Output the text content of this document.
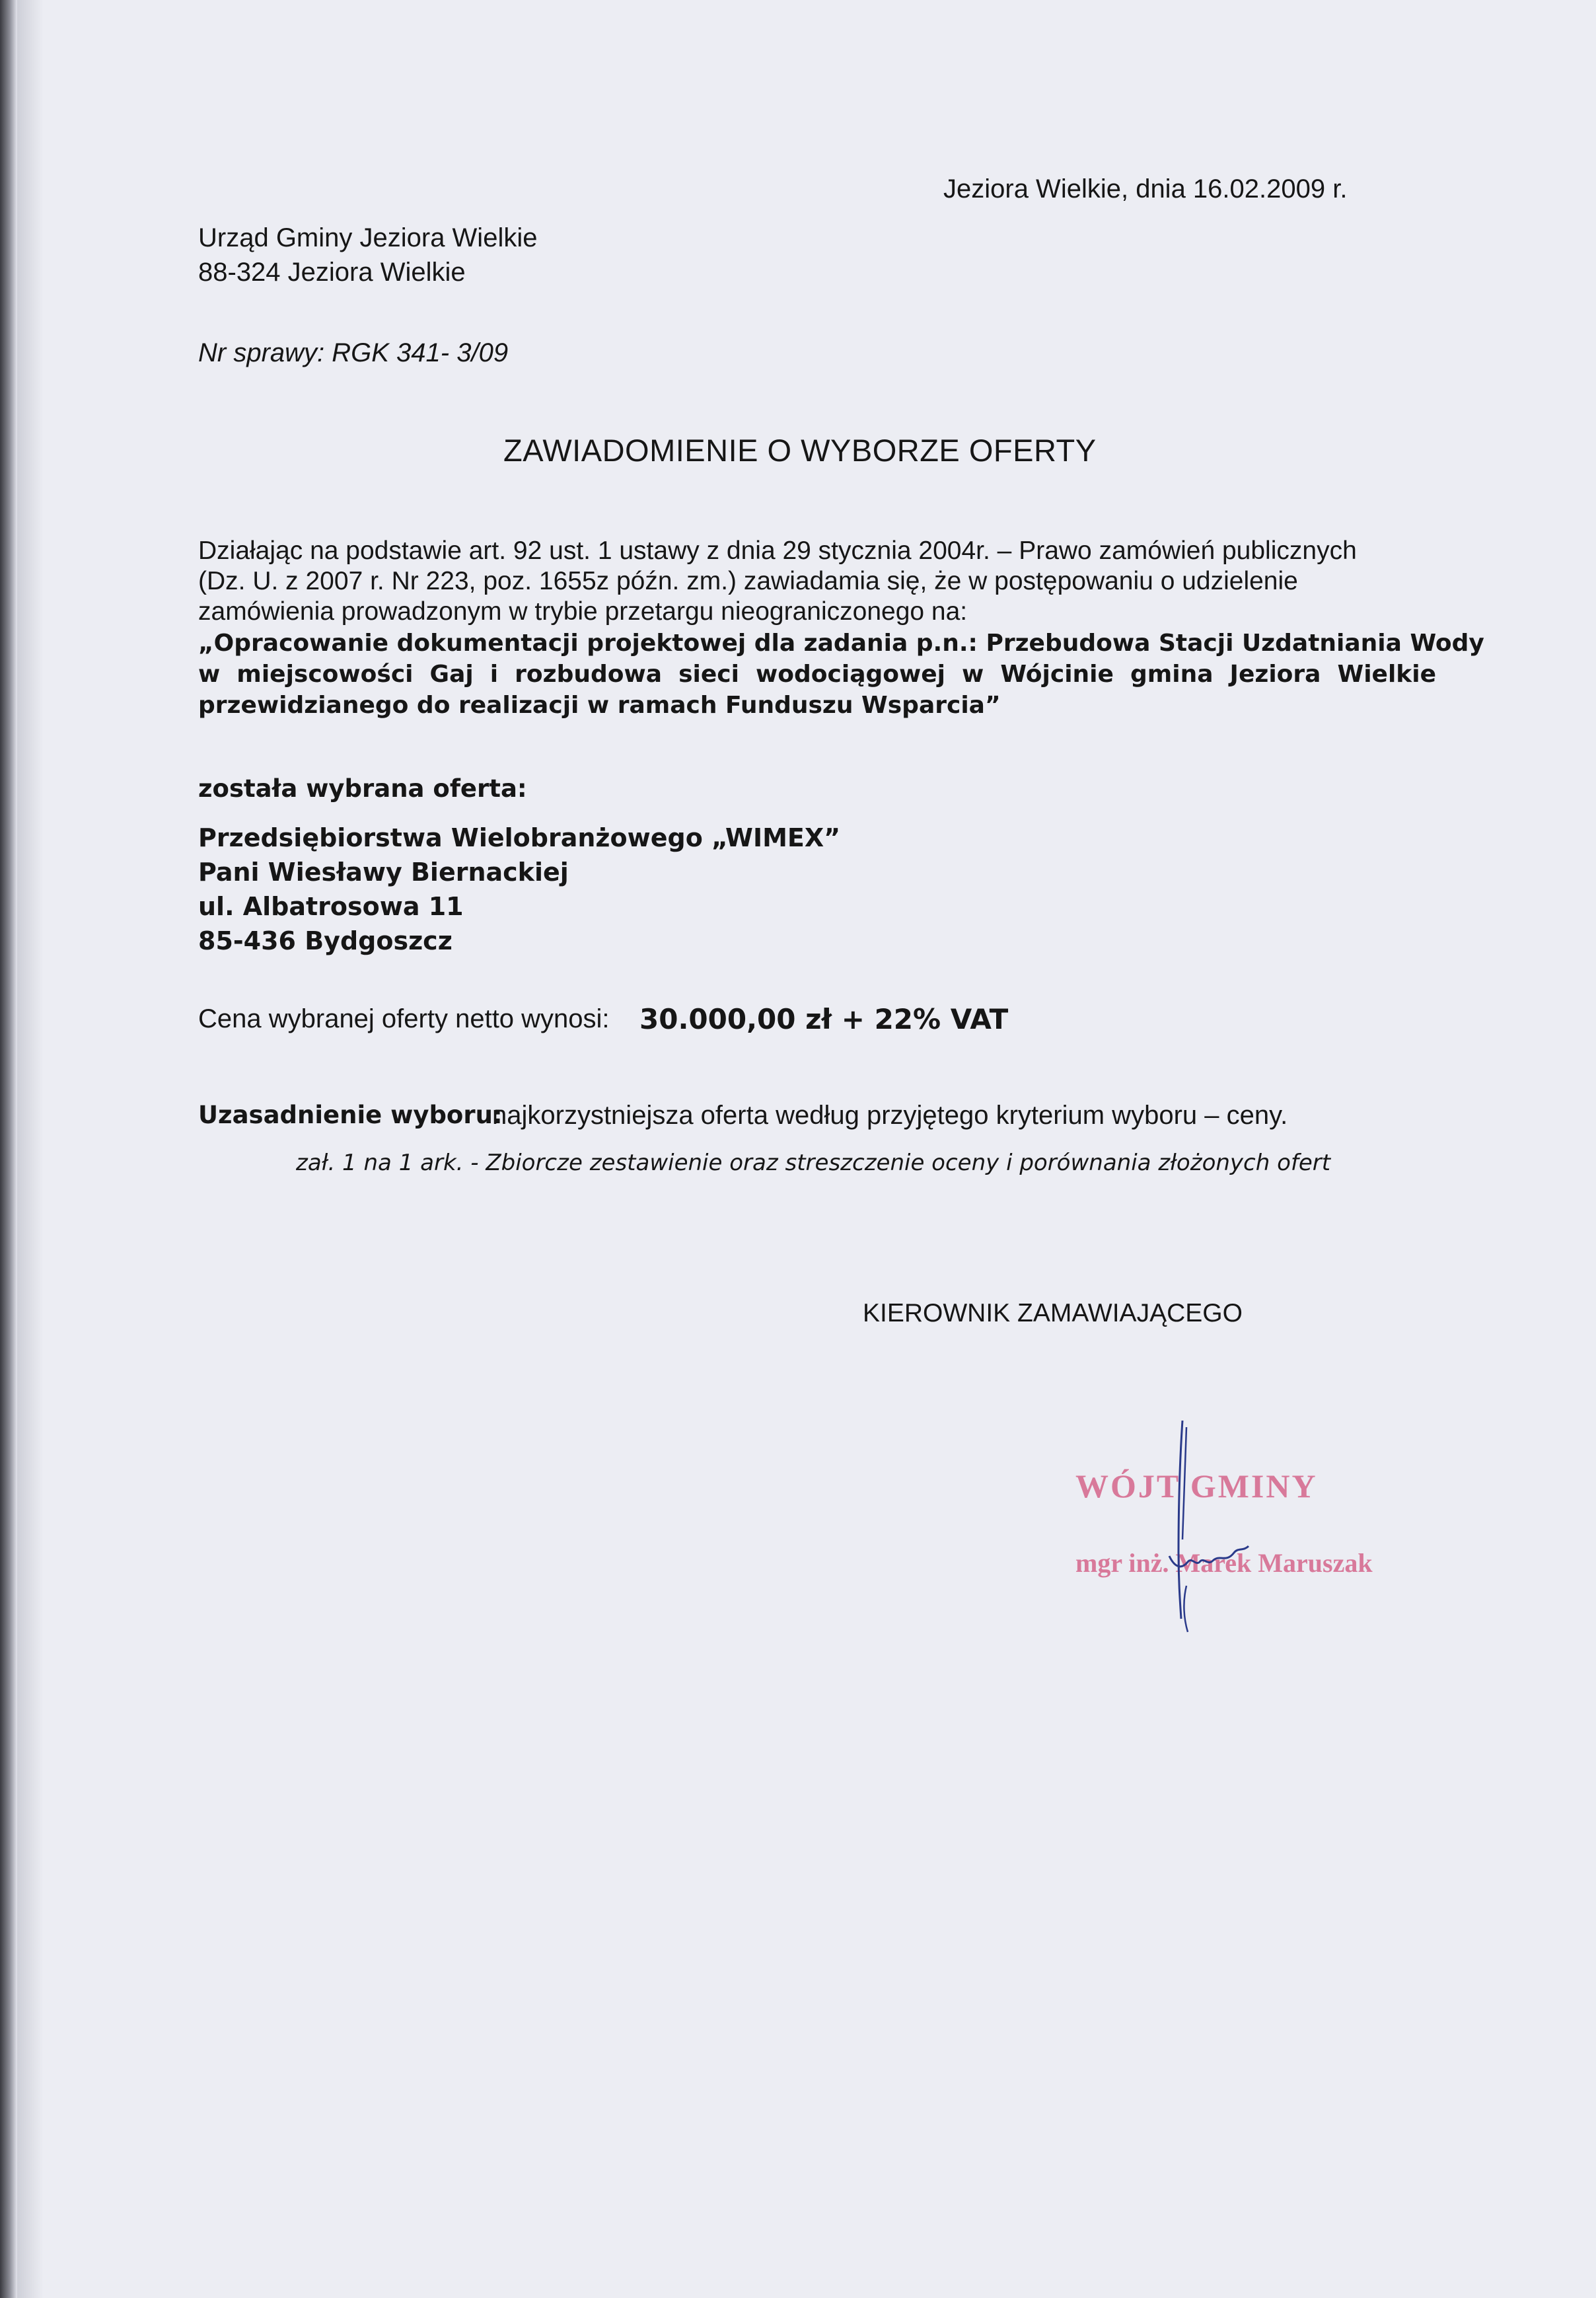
Jeziora Wielkie, dnia 16.02.2009 r.

Urząd Gminy Jeziora Wielkie

88-324 Jeziora Wielkie

Nr sprawy: RGK 341- 3/09

ZAWIADOMIENIE O WYBORZE OFERTY

Działając na podstawie art. 92 ust. 1 ustawy z dnia 29 stycznia 2004r. – Prawo zamówień publicznych

(Dz. U. z 2007 r. Nr 223, poz. 1655z późn. zm.) zawiadamia się, że w postępowaniu o udzielenie

zamówienia prowadzonym w trybie przetargu nieograniczonego na:

„Opracowanie dokumentacji projektowej dla zadania p.n.: Przebudowa Stacji Uzdatniania Wody
w miejscowości Gaj i rozbudowa sieci wodociągowej w Wójcinie gmina Jeziora Wielkie
przewidzianego do realizacji w ramach Funduszu Wsparcia”

została wybrana oferta:

Przedsiębiorstwa Wielobranżowego „WIMEX”

Pani Wiesławy Biernackiej

ul. Albatrosowa 11

85-436 Bydgoszcz

Cena wybranej oferty netto wynosi: 30.000,00 zł + 22% VAT

Uzasadnienie wyboru:

najkorzystniejsza oferta według przyjętego kryterium wyboru – ceny.

zał. 1 na 1 ark. - Zbiorcze zestawienie oraz streszczenie oceny i porównania złożonych ofert

KIEROWNIK ZAMAWIAJĄCEGO

WÓJT GMINY

mgr inż. Marek Maruszak
